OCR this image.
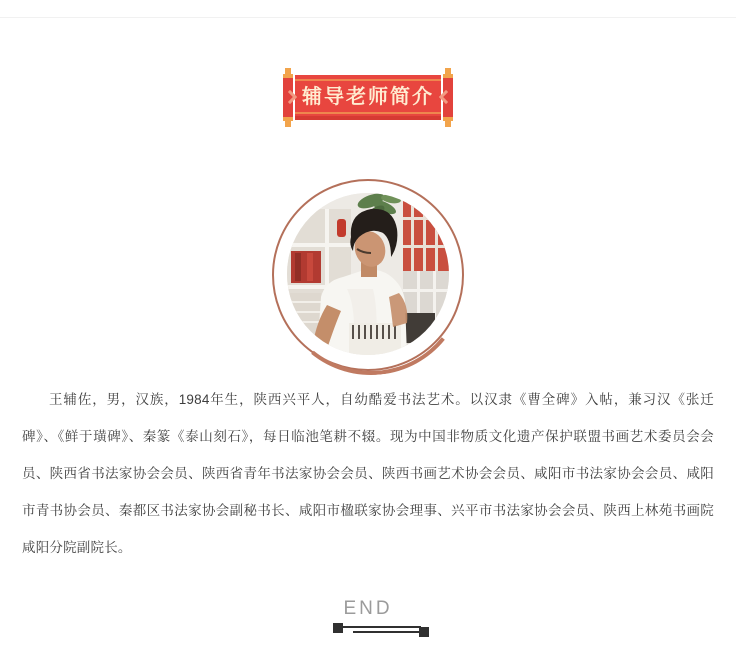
辅导老师简介

王辅佐，男，汉族，1984年生，陕西兴平人，自幼酷爱书法艺术。以汉隶《曹全碑》入帖，兼习汉《张迁碑》、《鲜于璜碑》、秦篆《泰山刻石》，每日临池笔耕不辍。现为中国非物质文化遗产保护联盟书画艺术委员会会员、陕西省书法家协会会员、陕西省青年书法家协会会员、陕西书画艺术协会会员、咸阳市书法家协会会员、咸阳市青书协会员、秦都区书法家协会副秘书长、咸阳市楹联家协会理事、兴平市书法家协会会员、陕西上林苑书画院咸阳分院副院长。

END
